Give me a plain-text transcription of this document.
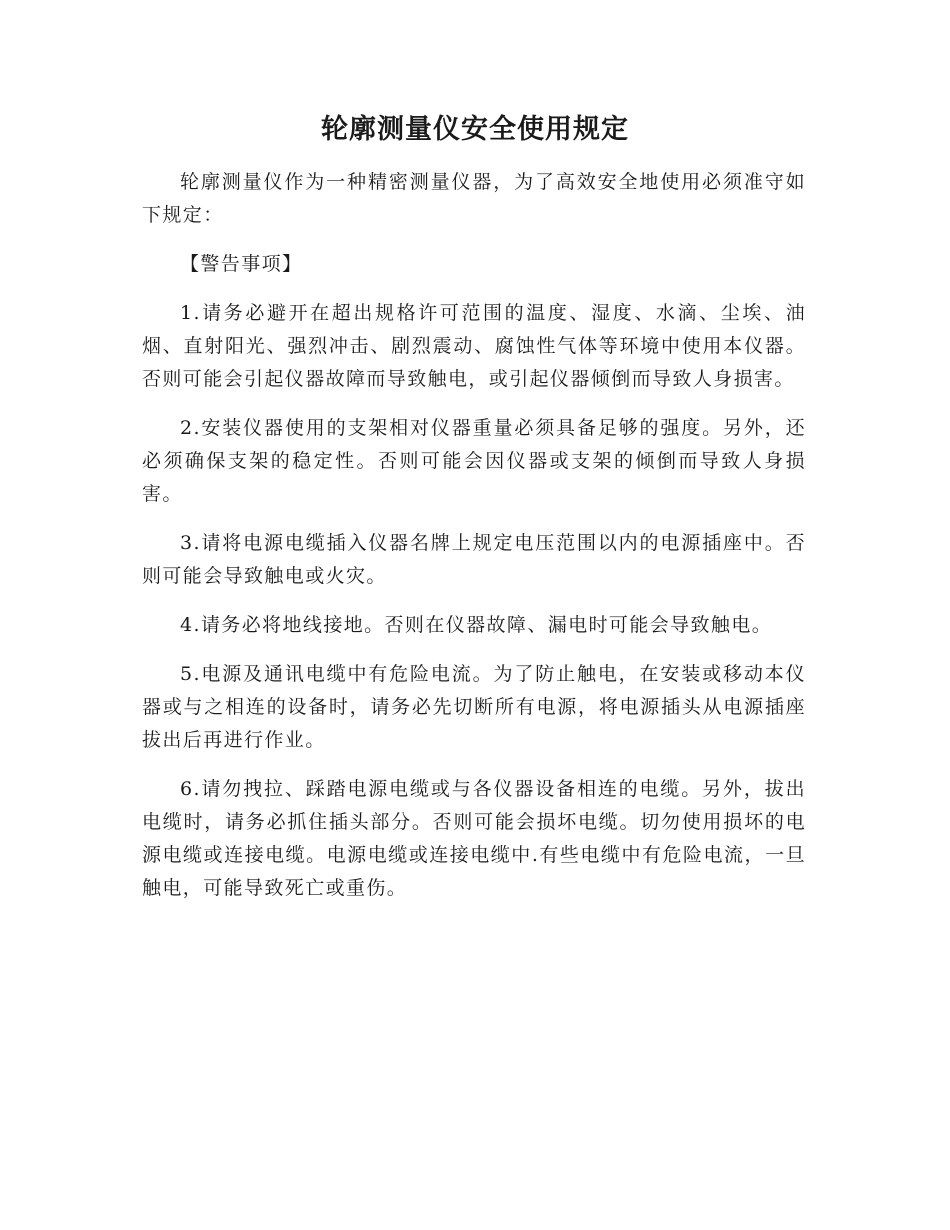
轮廓测量仪安全使用规定

轮廓测量仪作为一种精密测量仪器，为了高效安全地使用必须准守如下规定：

【警告事项】

1.请务必避开在超出规格许可范围的温度、湿度、水滴、尘埃、油烟、直射阳光、强烈冲击、剧烈震动、腐蚀性气体等环境中使用本仪器。否则可能会引起仪器故障而导致触电，或引起仪器倾倒而导致人身损害。

2.安装仪器使用的支架相对仪器重量必须具备足够的强度。另外，还必须确保支架的稳定性。否则可能会因仪器或支架的倾倒而导致人身损害。

3.请将电源电缆插入仪器名牌上规定电压范围以内的电源插座中。否则可能会导致触电或火灾。

4.请务必将地线接地。否则在仪器故障、漏电时可能会导致触电。

5.电源及通讯电缆中有危险电流。为了防止触电，在安装或移动本仪器或与之相连的设备时，请务必先切断所有电源，将电源插头从电源插座拔出后再进行作业。

6.请勿拽拉、踩踏电源电缆或与各仪器设备相连的电缆。另外，拔出电缆时，请务必抓住插头部分。否则可能会损坏电缆。切勿使用损坏的电源电缆或连接电缆。电源电缆或连接电缆中.有些电缆中有危险电流，一旦触电，可能导致死亡或重伤。
